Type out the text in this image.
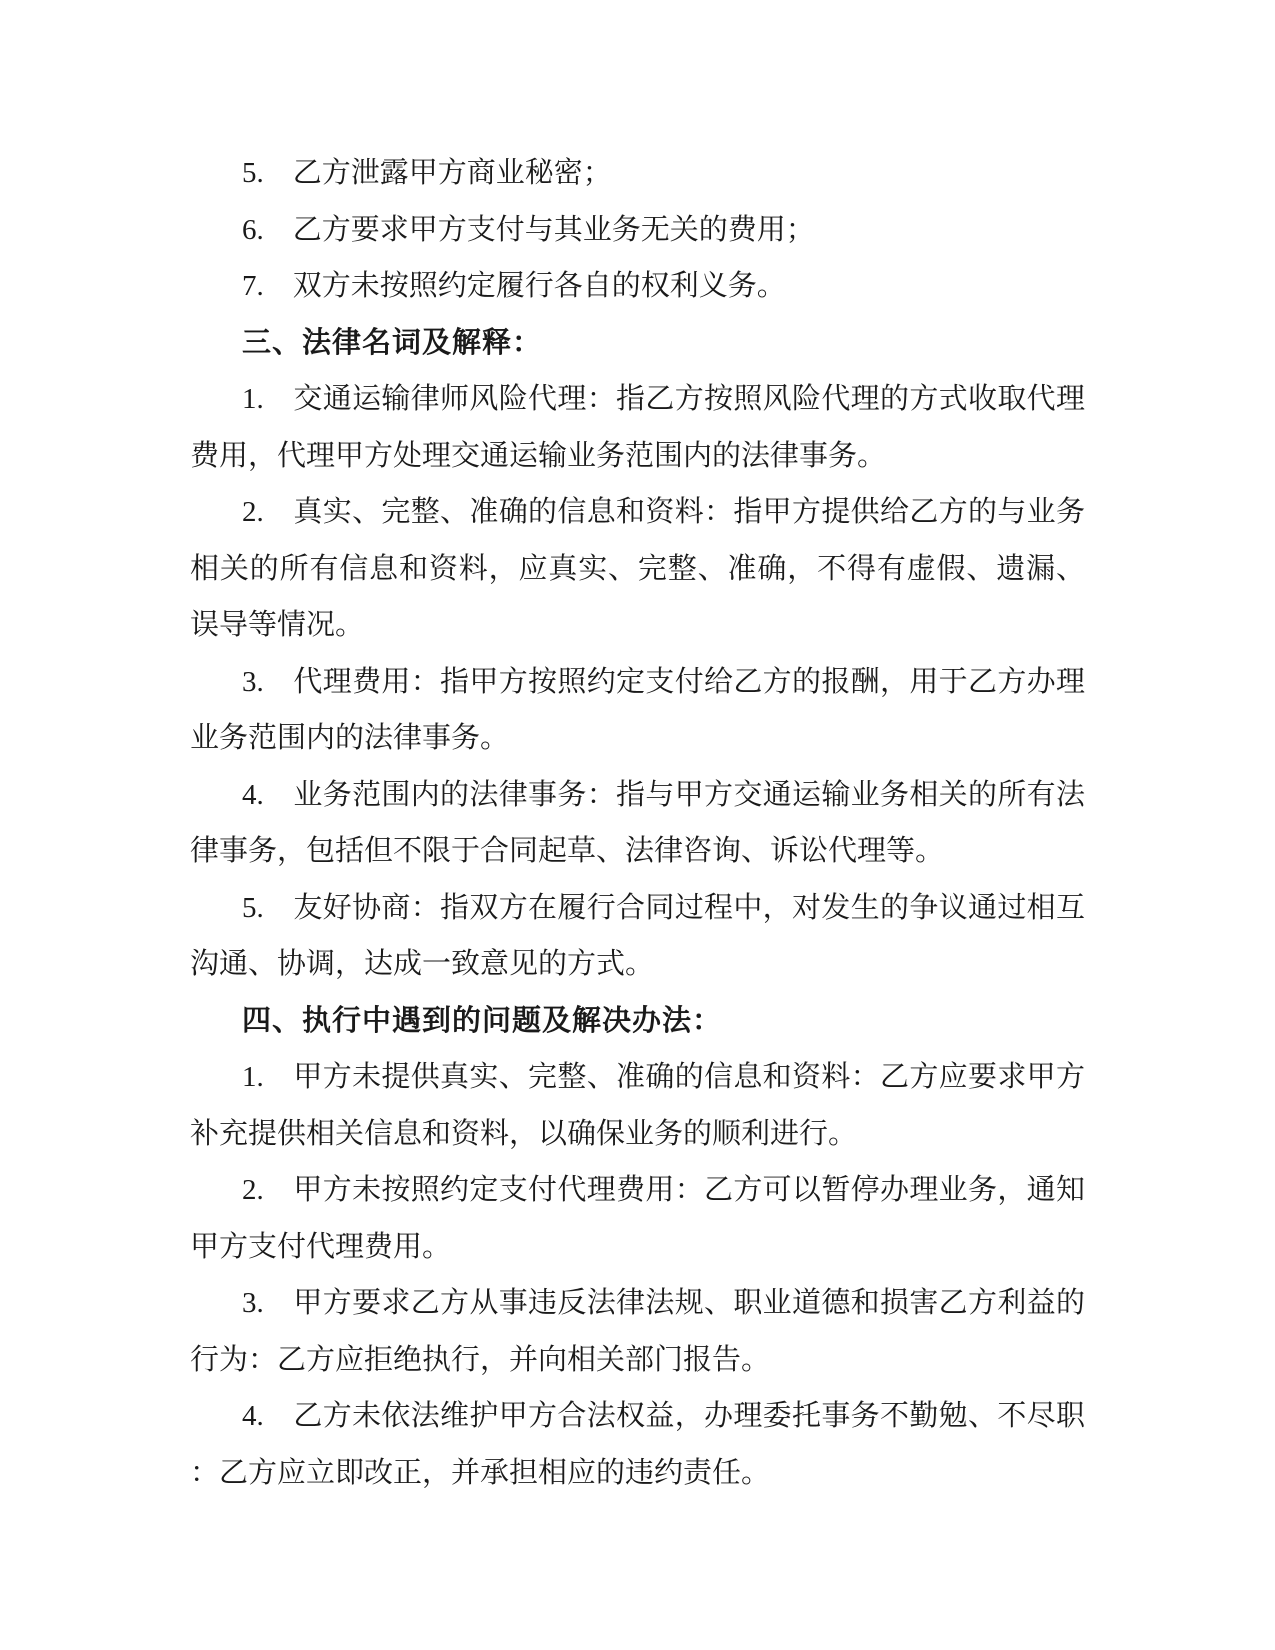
5.　乙方泄露甲方商业秘密；

6.　乙方要求甲方支付与其业务无关的费用；

7.　双方未按照约定履行各自的权利义务。

三、法律名词及解释：

1.　交通运输律师风险代理：指乙方按照风险代理的方式收取代理

费用，代理甲方处理交通运输业务范围内的法律事务。

2.　真实、完整、准确的信息和资料：指甲方提供给乙方的与业务

相关的所有信息和资料，应真实、完整、准确，不得有虚假、遗漏、

误导等情况。

3.　代理费用：指甲方按照约定支付给乙方的报酬，用于乙方办理

业务范围内的法律事务。

4.　业务范围内的法律事务：指与甲方交通运输业务相关的所有法

律事务，包括但不限于合同起草、法律咨询、诉讼代理等。

5.　友好协商：指双方在履行合同过程中，对发生的争议通过相互

沟通、协调，达成一致意见的方式。

四、执行中遇到的问题及解决办法：

1.　甲方未提供真实、完整、准确的信息和资料：乙方应要求甲方

补充提供相关信息和资料，以确保业务的顺利进行。

2.　甲方未按照约定支付代理费用：乙方可以暂停办理业务，通知

甲方支付代理费用。

3.　甲方要求乙方从事违反法律法规、职业道德和损害乙方利益的

行为：乙方应拒绝执行，并向相关部门报告。

4.　乙方未依法维护甲方合法权益，办理委托事务不勤勉、不尽职

：乙方应立即改正，并承担相应的违约责任。
